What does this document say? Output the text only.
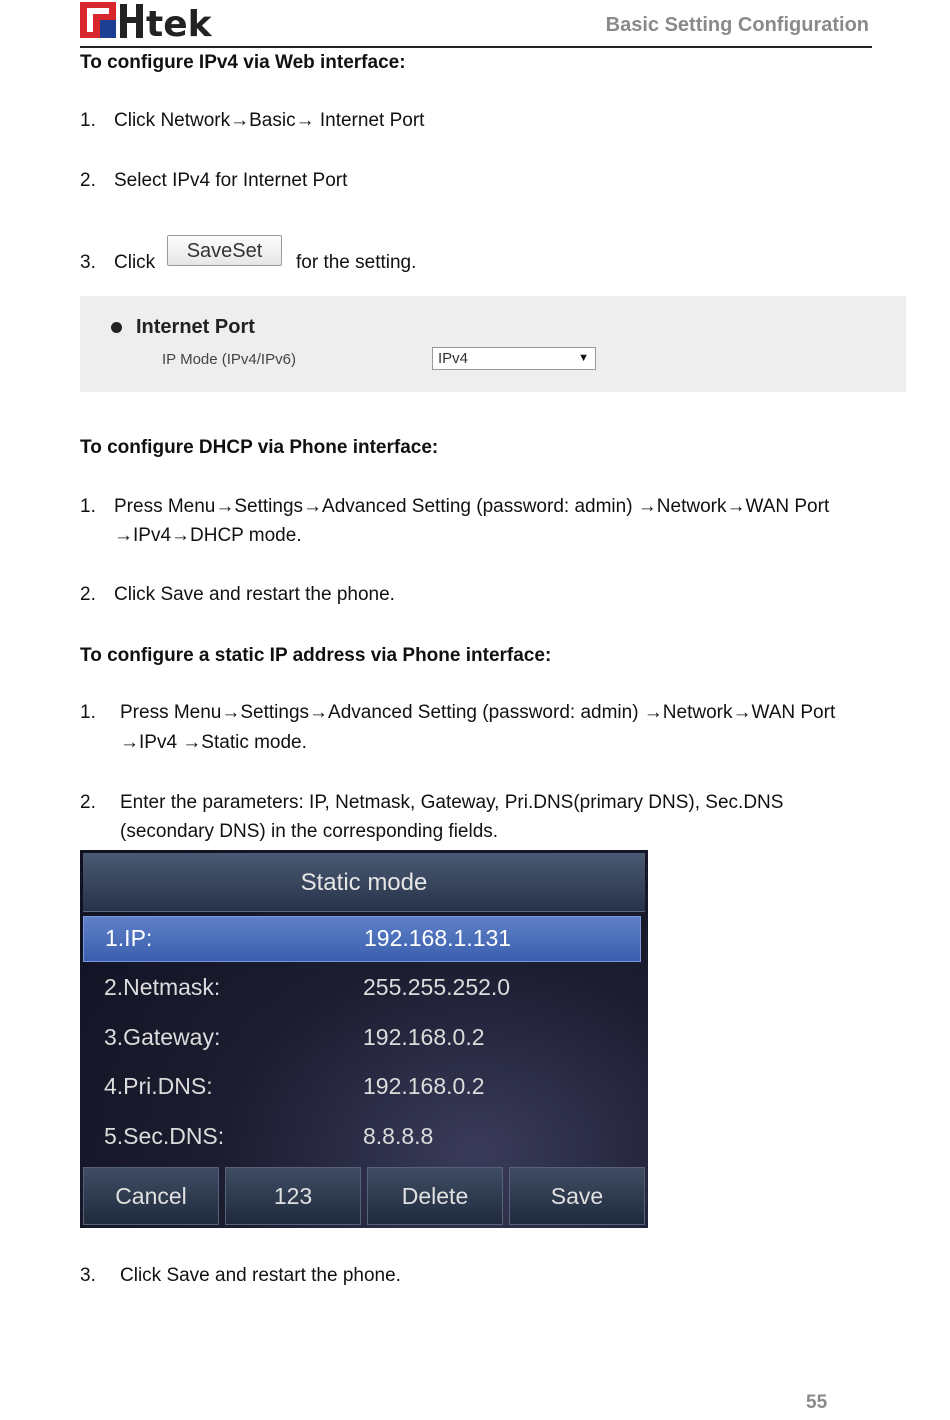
tek	Basic Setting Configuration
To configure IPv4 via Web interface:
1. Click Network→Basic→ Internet Port
2. Select IPv4 for Internet Port
3. Click	for the setting.
SaveSet
Internet Port
IP Mode (IPv4/IPv6)	IPv4	▼
To configure DHCP via Phone interface:
1. Press Menu→Settings→Advanced Setting (password: admin) →Network→WAN Port
→IPv4→DHCP mode.
2. Click Save and restart the phone.
To configure a static IP address via Phone interface:
1. Press Menu→Settings→Advanced Setting (password: admin) →Network→WAN Port
→IPv4 →Static mode.
2. Enter the parameters: IP, Netmask, Gateway, Pri.DNS(primary DNS), Sec.DNS
(secondary DNS) in the corresponding fields.
Static mode
1.IP:	192.168.1.131
2.Netmask:	255.255.252.0
3.Gateway:	192.168.0.2
4.Pri.DNS:	192.168.0.2
5.Sec.DNS:	8.8.8.8
Cancel	123	Delete	Save
3. Click Save and restart the phone.
55
